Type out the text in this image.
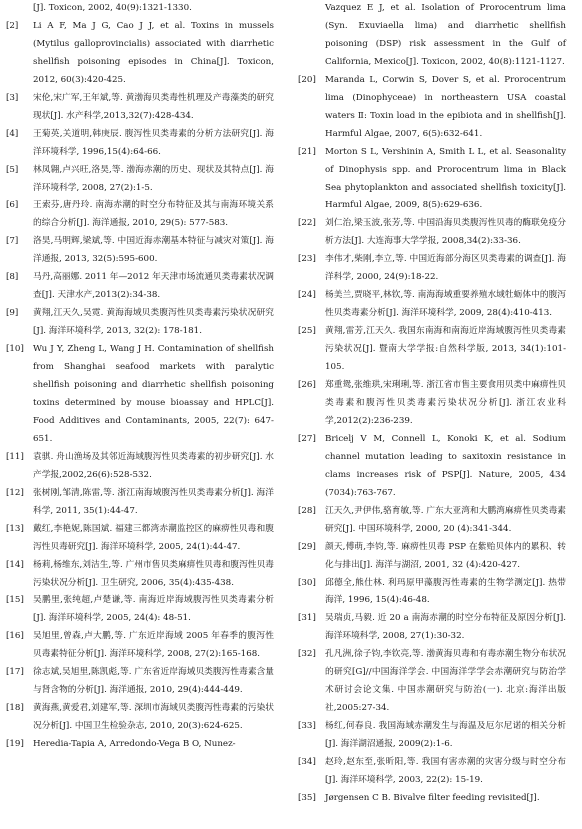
[J]. Toxicon, 2002, 40(9):1321-1330.
[2] Li A F, Ma J G, Cao J J, et al. Toxins in mussels (Mytilus galloprovincialis) associated with diarrhetic shellfish poisoning episodes in China[J]. Toxicon, 2012, 60(3):420-425.
[3] 宋伦,宋广军,王年斌,等. 黄渤海贝类毒性机理及产毒藻类的研究现状[J]. 水产科学,2013,32(7):428-434.
[4] 王菊英,关道明,韩庚辰. 腹泻性贝类毒素的分析方法研究[J]. 海洋环境科学, 1996,15(4):64-66.
[5] 林凤翱,卢兴旺,洛昊,等. 渤海赤潮的历史、现状及其特点[J]. 海洋环境科学, 2008, 27(2):1-5.
[6] 王索芬,唐丹玲. 南海赤潮的时空分布特征及其与南海环境关系的综合分析[J]. 海洋通报, 2010, 29(5): 577-583.
[7] 洛昊,马明辉,梁斌,等. 中国近海赤潮基本特征与减灾对策[J]. 海洋通报, 2013, 32(5):595-600.
[8] 马丹,高丽娜. 2011 年—2012 年天津市场流通贝类毒素状况调查[J]. 天津水产,2013(2):34-38.
[9] 黄翔,江天久,吴霓. 黄海海域贝类腹泻性贝类毒素污染状况研究[J]. 海洋环境科学, 2013, 32(2): 178-181.
[10] Wu J Y, Zheng L, Wang J H. Contamination of shellfish from Shanghai seafood markets with paralytic shellfish poisoning and diarrhetic shellfish poisoning toxins determined by mouse bioassay and HPLC[J]. Food Additives and Contaminants, 2005, 22(7): 647-651.
[11] 袁骐. 舟山渔场及其邻近海域腹泻性贝类毒素的初步研究[J]. 水产学报,2002,26(6):528-532.
[12] 张树刚,邹清,陈雷,等. 浙江南海域腹泻性贝类毒素分析[J]. 海洋科学, 2011, 35(1):44-47.
[13] 戴红,李艳妮,陈国斌. 福建三都湾赤潮监控区的麻痹性贝毒和腹泻性贝毒研究[J]. 海洋环境科学, 2005, 24(1):44-47.
[14] 杨莉,杨维东,刘洁生,等. 广州市售贝类麻痹性贝毒和腹泻性贝毒污染状况分析[J]. 卫生研究, 2006, 35(4):435-438.
[15] 吴鹏里,张纯超,卢楚谦,等. 南海近岸海域腹泻性贝类毒素分析[J]. 海洋环境科学, 2005, 24(4): 48-51.
[16] 吴旭里,曾森,卢大鹏,等. 广东近岸海域 2005 年春季的腹泻性贝毒素特征分析[J]. 海洋环境科学, 2008, 27(2):165-168.
[17] 徐志斌,吴旭里,陈凯彪,等. 广东省近岸海域贝类腹泻性毒素含量与肾含物的分析[J]. 海洋通报, 2010, 29(4):444-449.
[18] 黄海燕,黄爱君,刘建军,等. 深圳市海域贝类腹泻性毒素的污染状况分析[J]. 中国卫生检验杂志, 2010, 20(3):624-625.
[19] Heredia-Tapia A, Arredondo-Vega B O, Nunez-
Vazquez E J, et al. Isolation of Prorocentrum lima (Syn. Exuviaella lima) and diarrhetic shellfish poisoning (DSP) risk assessment in the Gulf of California, Mexico[J]. Toxicon, 2002, 40(8):1121-1127.
[20] Maranda L, Corwin S, Dover S, et al. Prorocentrum lima (Dinophyceae) in northeastern USA coastal waters Ⅱ: Toxin load in the epibiota and in shellfish[J]. Harmful Algae, 2007, 6(5):632-641.
[21] Morton S L, Vershinin A, Smith L L, et al. Seasonality of Dinophysis spp. and Prorocentrum lima in Black Sea phytoplankton and associated shellfish toxicity[J]. Harmful Algae, 2009, 8(5):629-636.
[22] 刘仁治,梁玉波,张芳,等. 中国沿海贝类腹泻性贝毒的酶联免疫分析方法[J]. 大连海事大学学报, 2008,34(2):33-36.
[23] 李伟才,柴刚,李立,等. 中国近海部分海区贝类毒素的调查[J]. 海洋科学, 2000, 24(9):18-22.
[24] 杨美兰,贾晓平,林钦,等. 南海海域重要养殖水域牡蛎体中的腹泻性贝类毒素分析[J]. 海洋环境科学, 2009, 28(4):410-413.
[25] 黄翔,雷芳,江天久. 我国东南海和南海近岸海域腹泻性贝类毒素污染状况[J]. 暨南大学学报:自然科学版, 2013, 34(1):101-105.
[26] 郑重鸳,张维珙,宋琍琍,等. 浙江省市售主要食用贝类中麻痹性贝类毒素和腹泻性贝类毒素污染状况分析[J]. 浙江农业科学,2012(2):236-239.
[27] Bricelj V M, Connell L, Konoki K, et al. Sodium channel mutation leading to saxitoxin resistance in clams increases risk of PSP[J]. Nature, 2005, 434 (7034):763-767.
[28] 江天久,尹伊伟,骆育敏,等. 广东大亚湾和大鹏湾麻痹性贝类毒素研究[J]. 中国环境科学, 2000, 20 (4):341-344.
[29] 颜天,傅萌,李钧,等. 麻痹性贝毒 PSP 在紫贻贝体内的累积、转化与排出[J]. 海洋与湖沼, 2001, 32 (4):420-427.
[30] 邱德全,熊仕林. 利玛原甲藻腹泻性毒素的生物学测定[J]. 热带海洋, 1996, 15(4):46-48.
[31] 吴瑞贞,马毅. 近 20 a 南海赤潮的时空分布特征及原因分析[J]. 海洋环境科学, 2008, 27(1):30-32.
[32] 孔凡洲,徐子钧,李钦亮,等. 渤黄海贝毒和有毒赤潮生物分布状况的研究[G]//中国海洋学会. 中国海洋学学会赤潮研究与防治学术研讨会论文集. 中国赤潮研究与防治(一). 北京:海洋出版社,2005:27-34.
[33] 杨红,何春良. 我国海域赤潮发生与海温及厄尔尼诺的相关分析[J]. 海洋湖沼通报, 2009(2):1-6.
[34] 赵玲,赵东至,张昕阳,等. 我国有害赤潮的灾害分级与时空分布[J]. 海洋环境科学, 2003, 22(2): 15-19.
[35] Jørgensen C B. Bivalve filter feeding revisited[J].
